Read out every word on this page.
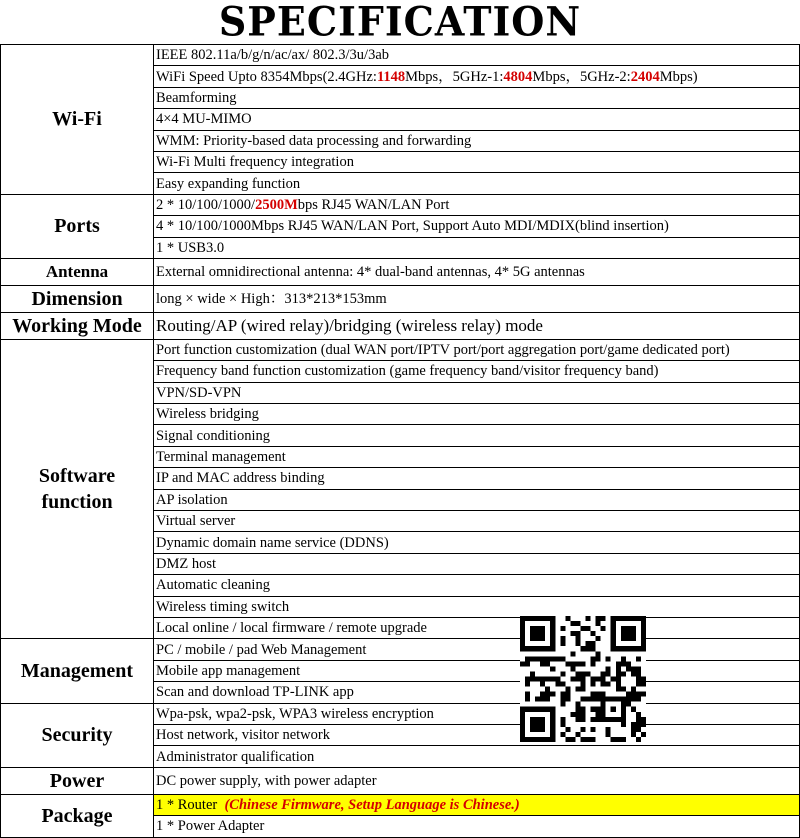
SPECIFICATION
Wi-Fi	IEEE 802.11a/b/g/n/ac/ax/ 802.3/3u/3ab
	WiFi Speed Upto 8354Mbps(2.4GHz:1148Mbps，5GHz-1:4804Mbps，5GHz-2:2404Mbps)
	Beamforming
	4×4 MU-MIMO
	WMM: Priority-based data processing and forwarding
	Wi-Fi Multi frequency integration
	Easy expanding function
Ports	2 * 10/100/1000/2500Mbps RJ45 WAN/LAN Port
	4 * 10/100/1000Mbps RJ45 WAN/LAN Port, Support Auto MDI/MDIX(blind insertion)
	1 * USB3.0
Antenna	External omnidirectional antenna: 4* dual-band antennas, 4* 5G antennas
Dimension	long × wide × High：313*213*153mm
Working Mode	Routing/AP (wired relay)/bridging (wireless relay) mode
Software function	Port function customization (dual WAN port/IPTV port/port aggregation port/game dedicated port)
	Frequency band function customization (game frequency band/visitor frequency band)
	VPN/SD-VPN
	Wireless bridging
	Signal conditioning
	Terminal management
	IP and MAC address binding
	AP isolation
	Virtual server
	Dynamic domain name service (DDNS)
	DMZ host
	Automatic cleaning
	Wireless timing switch
	Local online / local firmware / remote upgrade
Management	PC / mobile / pad Web Management
	Mobile app management
	Scan and download TP-LINK app
Security	Wpa-psk, wpa2-psk, WPA3 wireless encryption
	Host network, visitor network
	Administrator qualification
Power	DC power supply, with power adapter
Package	1 * Router (Chinese Firmware, Setup Language is Chinese.)
	1 * Power Adapter
